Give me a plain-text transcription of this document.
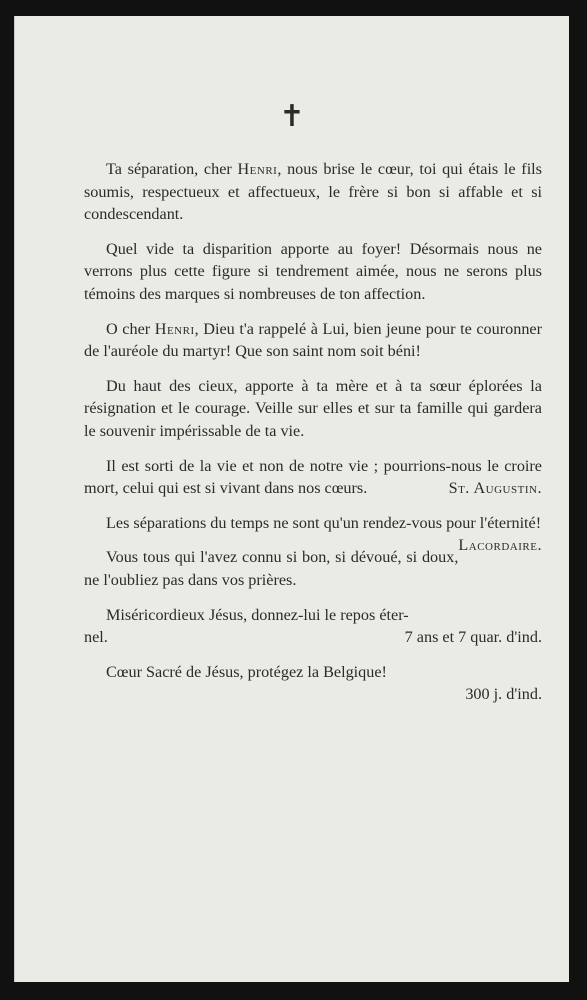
✝

Ta séparation, cher Henri, nous brise le cœur, toi qui étais le fils soumis, respectueux et affectueux, le frère si bon si affable et si condescendant.

Quel vide ta disparition apporte au foyer! Désormais nous ne verrons plus cette figure si tendrement aimée, nous ne serons plus témoins des marques si nombreuses de ton affection.

O cher Henri, Dieu t'a rappelé à Lui, bien jeune pour te couronner de l'auréole du martyr! Que son saint nom soit béni!

Du haut des cieux, apporte à ta mère et à ta sœur éplorées la résignation et le courage. Veille sur elles et sur ta famille qui gardera le souvenir impérissable de ta vie.

Il est sorti de la vie et non de notre vie ; pourrions-nous le croire mort, celui qui est si vivant dans nos cœurs.	St. Augustin.

Les séparations du temps ne sont qu'un rendez-vous pour l'éternité!
Lacordaire.

Vous tous qui l'avez connu si bon, si dévoué, si doux, ne l'oubliez pas dans vos prières.

Miséricordieux Jésus, donnez-lui le repos éter-
nel.	7 ans et 7 quar. d'ind.
Cœur Sacré de Jésus, protégez la Belgique!
300 j. d'ind.
